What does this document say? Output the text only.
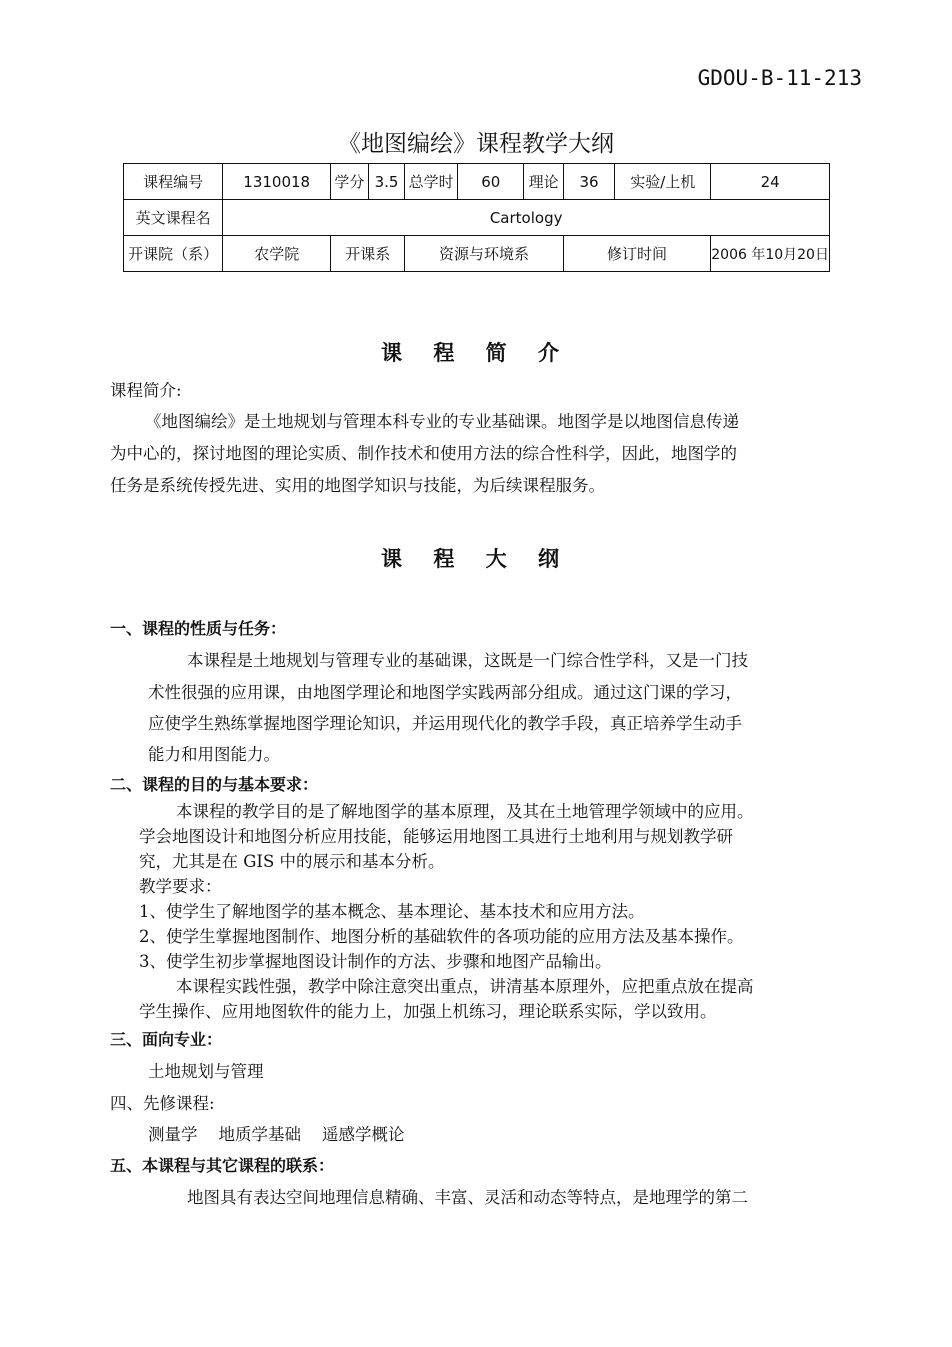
GDOU-B-11-213
《地图编绘》课程教学大纲
课程编号	1310018	学分	3.5	总学时	60	理论	36	实验/上机	24
英文课程名	Cartology								
开课院（系）	农学院	开课系		资源与环境系			修订时间		2006 年10月20日
课 程 简 介
课程简介:
《地图编绘》是土地规划与管理本科专业的专业基础课。地图学是以地图信息传递
为中心的，探讨地图的理论实质、制作技术和使用方法的综合性科学，因此，地图学的
任务是系统传授先进、实用的地图学知识与技能，为后续课程服务。
课 程 大 纲
一、课程的性质与任务：
本课程是土地规划与管理专业的基础课，这既是一门综合性学科，又是一门技
术性很强的应用课，由地图学理论和地图学实践两部分组成。通过这门课的学习，
应使学生熟练掌握地图学理论知识，并运用现代化的教学手段，真正培养学生动手
能力和用图能力。
二、课程的目的与基本要求：
本课程的教学目的是了解地图学的基本原理，及其在土地管理学领域中的应用。
学会地图设计和地图分析应用技能，能够运用地图工具进行土地利用与规划教学研
究，尤其是在 GIS 中的展示和基本分析。
教学要求：
1、使学生了解地图学的基本概念、基本理论、基本技术和应用方法。
2、使学生掌握地图制作、地图分析的基础软件的各项功能的应用方法及基本操作。
3、使学生初步掌握地图设计制作的方法、步骤和地图产品输出。
本课程实践性强，教学中除注意突出重点，讲清基本原理外，应把重点放在提高
学生操作、应用地图软件的能力上，加强上机练习，理论联系实际，学以致用。
三、面向专业：
土地规划与管理
四、先修课程:
测量学    地质学基础    遥感学概论
五、本课程与其它课程的联系：
地图具有表达空间地理信息精确、丰富、灵活和动态等特点，是地理学的第二
